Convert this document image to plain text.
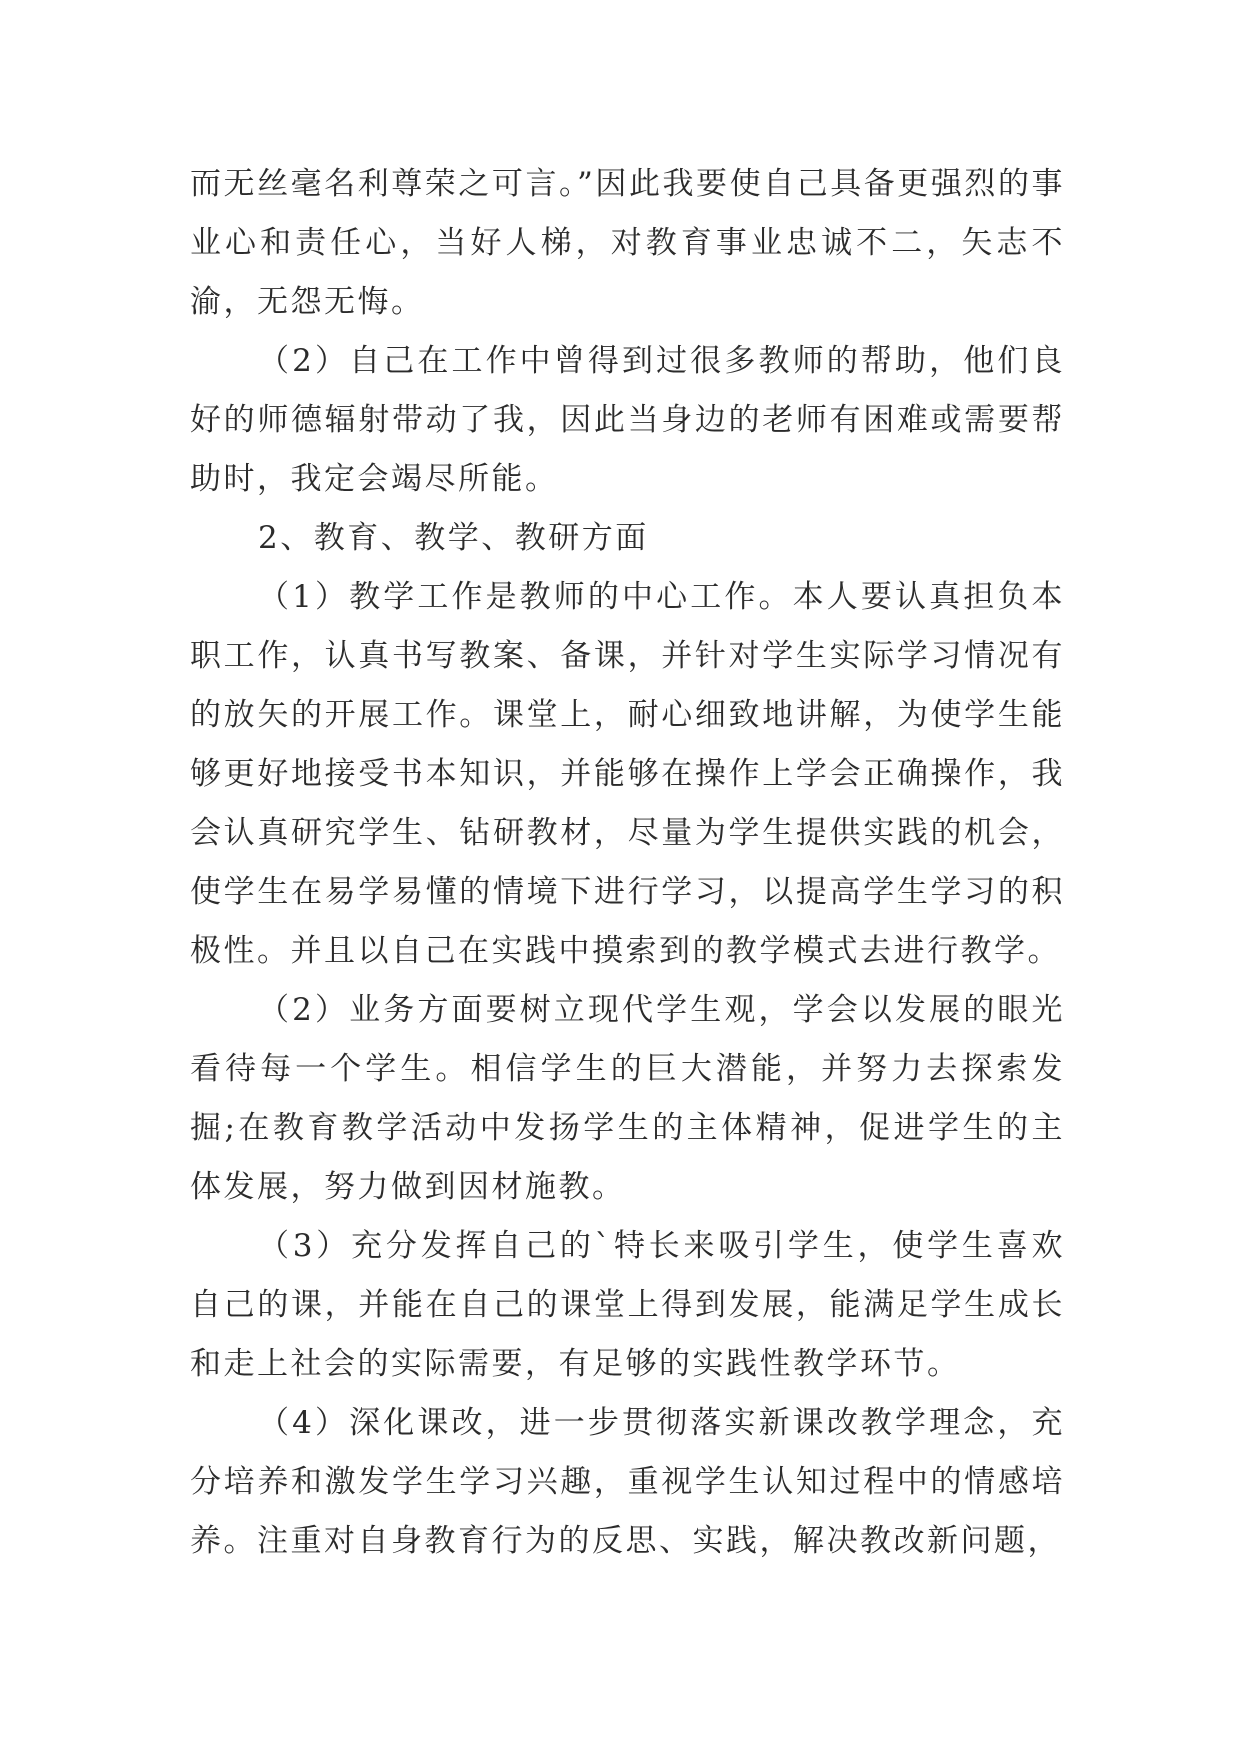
而无丝毫名利尊荣之可言。”因此我要使自己具备更强烈的事业心和责任心，当好人梯，对教育事业忠诚不二，矢志不渝，无怨无悔。

（2）自己在工作中曾得到过很多教师的帮助，他们良好的师德辐射带动了我，因此当身边的老师有困难或需要帮助时，我定会竭尽所能。

2、教育、教学、教研方面

（1）教学工作是教师的中心工作。本人要认真担负本职工作，认真书写教案、备课，并针对学生实际学习情况有的放矢的开展工作。课堂上，耐心细致地讲解，为使学生能够更好地接受书本知识，并能够在操作上学会正确操作，我会认真研究学生、钻研教材，尽量为学生提供实践的机会，使学生在易学易懂的情境下进行学习，以提高学生学习的积极性。并且以自己在实践中摸索到的教学模式去进行教学。

（2）业务方面要树立现代学生观，学会以发展的眼光看待每一个学生。相信学生的巨大潜能，并努力去探索发掘;在教育教学活动中发扬学生的主体精神，促进学生的主体发展，努力做到因材施教。

（3）充分发挥自己的`特长来吸引学生，使学生喜欢自己的课，并能在自己的课堂上得到发展，能满足学生成长和走上社会的实际需要，有足够的实践性教学环节。

（4）深化课改，进一步贯彻落实新课改教学理念，充分培养和激发学生学习兴趣，重视学生认知过程中的情感培养。注重对自身教育行为的反思、实践，解决教改新问题，
